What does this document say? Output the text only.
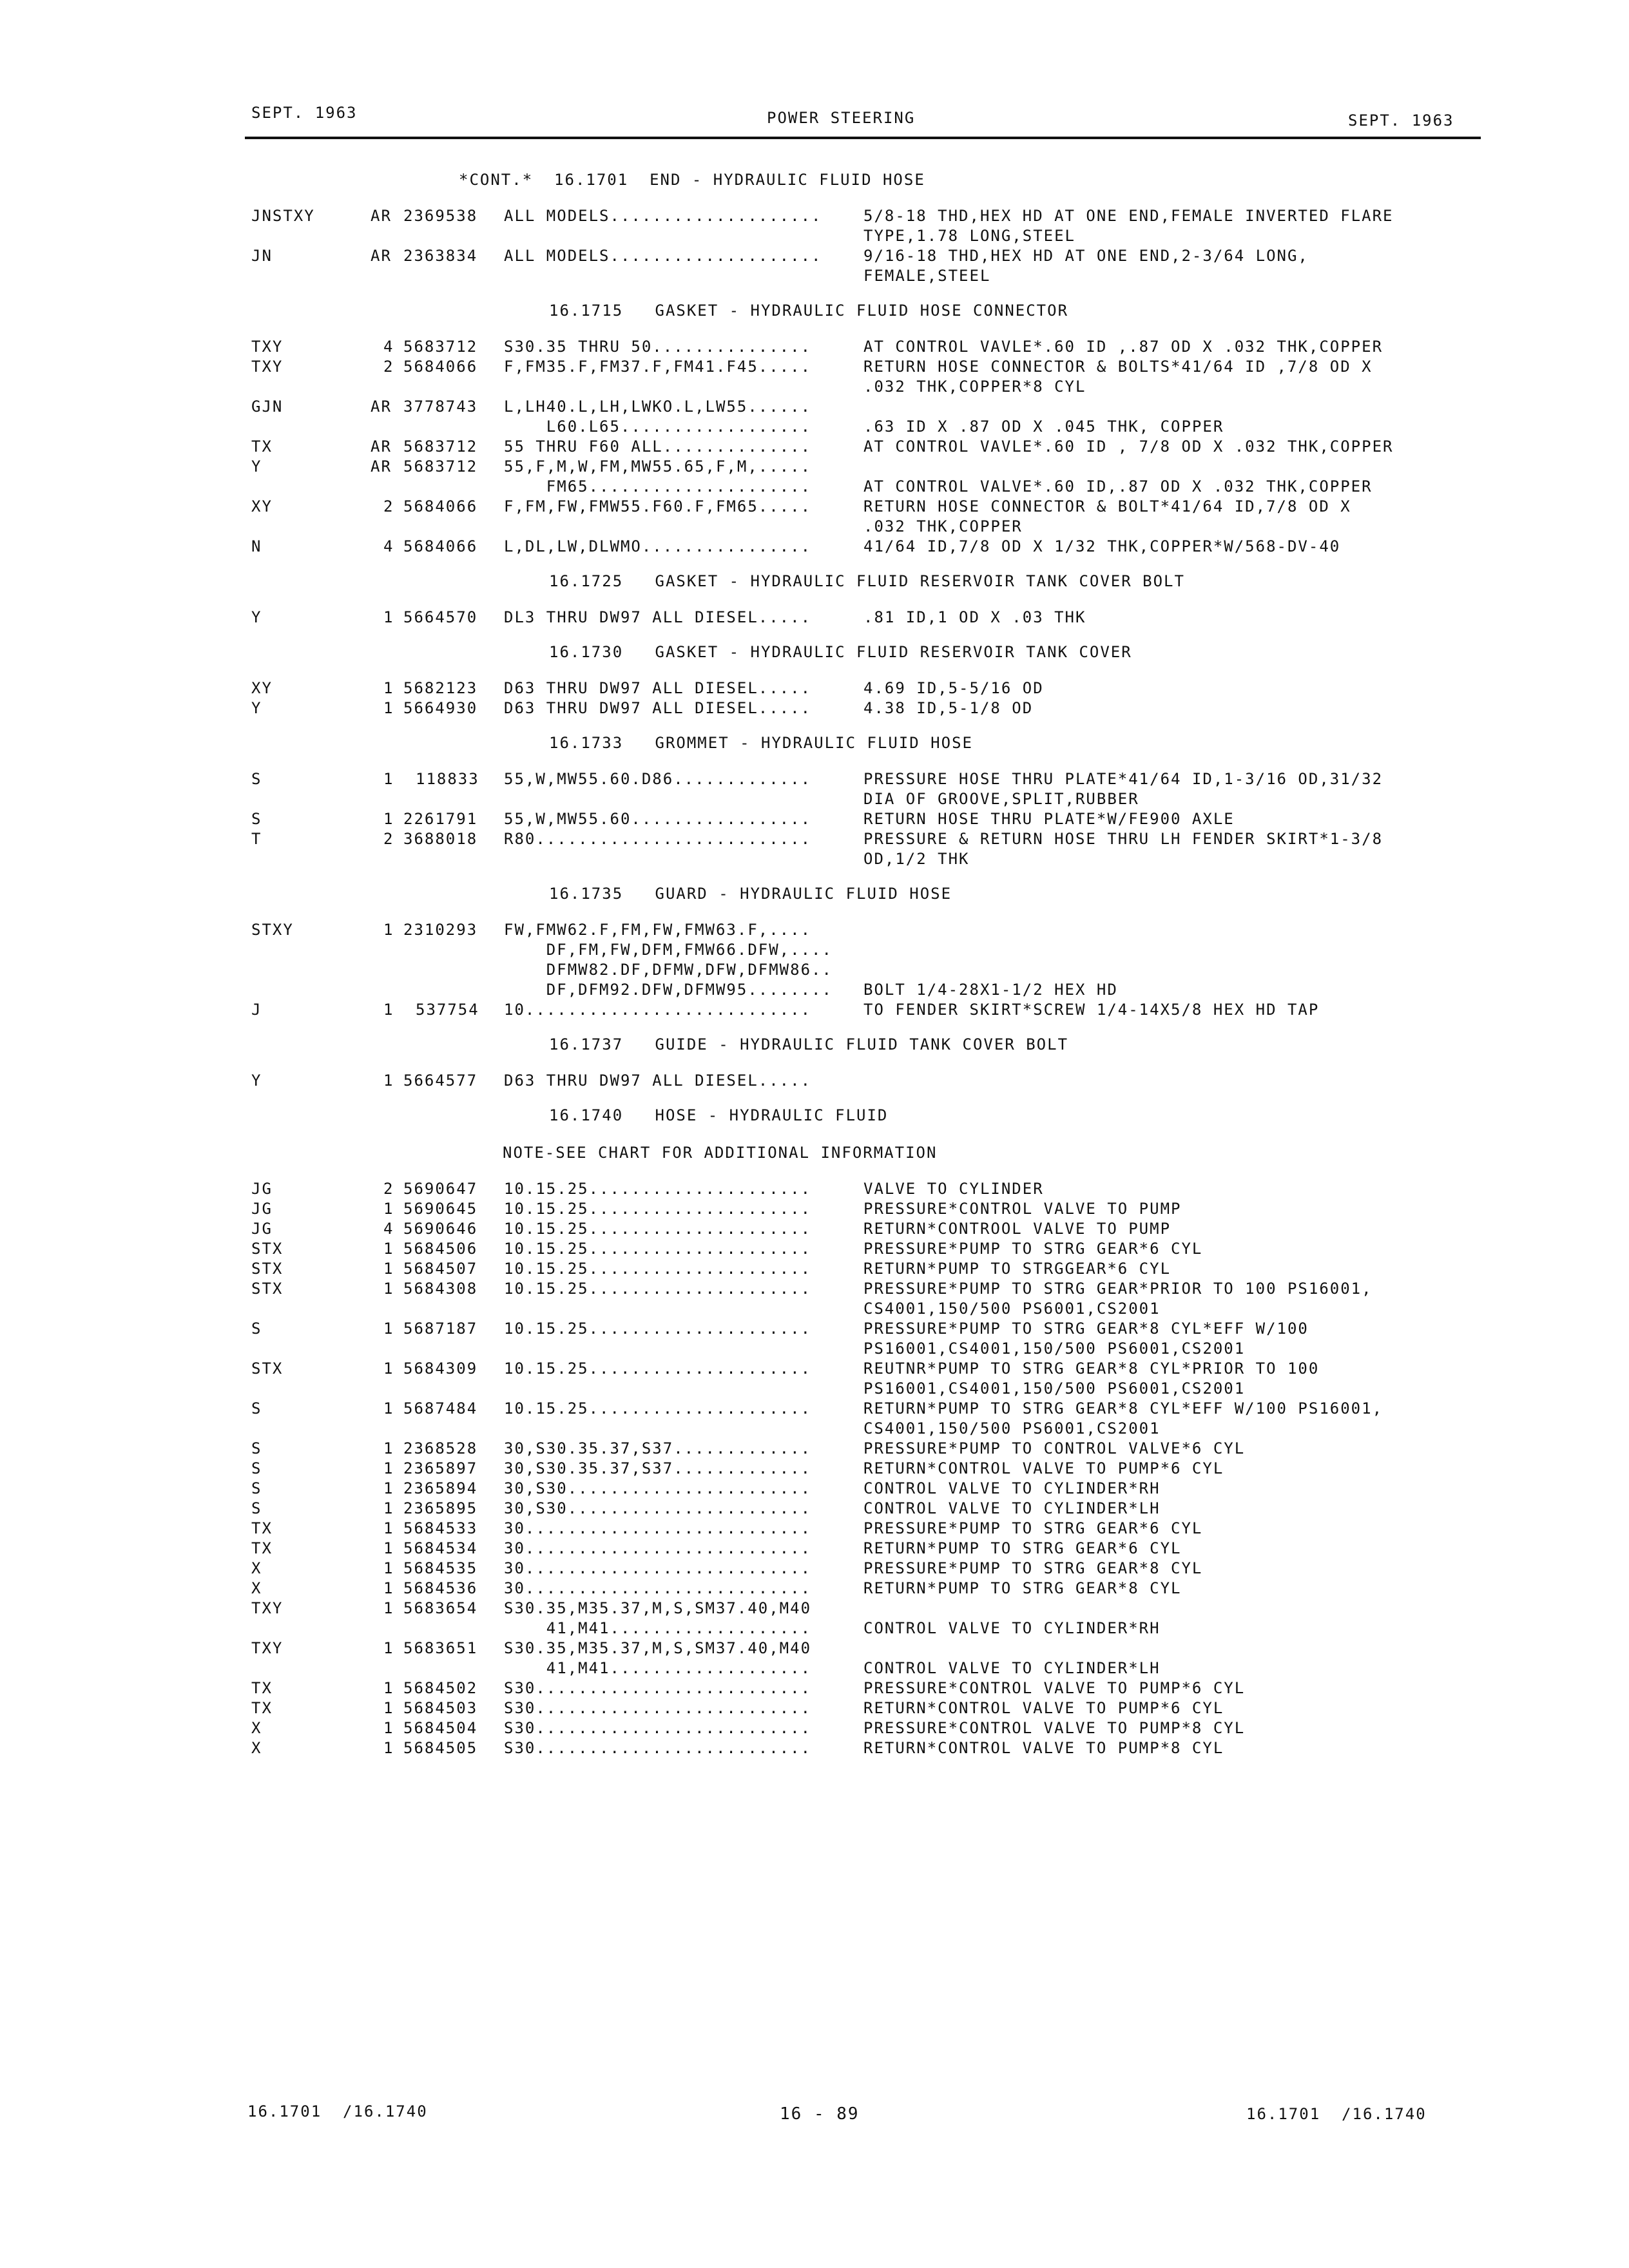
SEPT. 1963	POWER STEERING	SEPT. 1963
*CONT.*  16.1701  END - HYDRAULIC FLUID HOSE
JNSTXY	AR 2369538 ALL MODELS....................	5/8-18 THD,HEX HD AT ONE END,FEMALE INVERTED FLARE
TYPE,1.78 LONG,STEEL
JN	AR 2363834 ALL MODELS....................	9/16-18 THD,HEX HD AT ONE END,2-3/64 LONG,
FEMALE,STEEL
16.1715   GASKET - HYDRAULIC FLUID HOSE CONNECTOR
TXY	4 5683712 S30.35 THRU 50...............	AT CONTROL VAVLE*.60 ID ,.87 OD X .032 THK,COPPER
TXY	2 5684066 F,FM35.F,FM37.F,FM41.F45.....	RETURN HOSE CONNECTOR & BOLTS*41/64 ID ,7/8 OD X
.032 THK,COPPER*8 CYL
GJN	AR 3778743 L,LH40.L,LH,LWKO.L,LW55......
L60.L65..................	.63 ID X .87 OD X .045 THK, COPPER
TX	AR 5683712 55 THRU F60 ALL..............	AT CONTROL VAVLE*.60 ID , 7/8 OD X .032 THK,COPPER
Y	AR 5683712 55,F,M,W,FM,MW55.65,F,M,.....
FM65.....................	AT CONTROL VALVE*.60 ID,.87 OD X .032 THK,COPPER
XY	2 5684066 F,FM,FW,FMW55.F60.F,FM65.....	RETURN HOSE CONNECTOR & BOLT*41/64 ID,7/8 OD X
.032 THK,COPPER
N	4 5684066 L,DL,LW,DLWMO................	41/64 ID,7/8 OD X 1/32 THK,COPPER*W/568-DV-40
16.1725   GASKET - HYDRAULIC FLUID RESERVOIR TANK COVER BOLT
Y	1 5664570 DL3 THRU DW97 ALL DIESEL.....	.81 ID,1 OD X .03 THK
16.1730   GASKET - HYDRAULIC FLUID RESERVOIR TANK COVER
XY	1 5682123 D63 THRU DW97 ALL DIESEL.....	4.69 ID,5-5/16 OD
Y	1 5664930 D63 THRU DW97 ALL DIESEL.....	4.38 ID,5-1/8 OD
16.1733   GROMMET - HYDRAULIC FLUID HOSE
S	1 118833 55,W,MW55.60.D86.............	PRESSURE HOSE THRU PLATE*41/64 ID,1-3/16 OD,31/32
DIA OF GROOVE,SPLIT,RUBBER
S	1 2261791 55,W,MW55.60.................	RETURN HOSE THRU PLATE*W/FE900 AXLE
T	2 3688018 R80..........................	PRESSURE & RETURN HOSE THRU LH FENDER SKIRT*1-3/8
OD,1/2 THK
16.1735   GUARD - HYDRAULIC FLUID HOSE
STXY	1 2310293 FW,FMW62.F,FM,FW,FMW63.F,....
DF,FM,FW,DFM,FMW66.DFW,....
DFMW82.DF,DFMW,DFW,DFMW86..
DF,DFM92.DFW,DFMW95........ BOLT 1/4-28X1-1/2 HEX HD
J	1 537754 10...........................	TO FENDER SKIRT*SCREW 1/4-14X5/8 HEX HD TAP
16.1737   GUIDE - HYDRAULIC FLUID TANK COVER BOLT
Y	1 5664577 D63 THRU DW97 ALL DIESEL.....
16.1740   HOSE - HYDRAULIC FLUID
NOTE-SEE CHART FOR ADDITIONAL INFORMATION
JG	2 5690647 10.15.25.....................	VALVE TO CYLINDER
JG	1 5690645 10.15.25.....................	PRESSURE*CONTROL VALVE TO PUMP
JG	4 5690646 10.15.25.....................	RETURN*CONTROOL VALVE TO PUMP
STX	1 5684506 10.15.25.....................	PRESSURE*PUMP TO STRG GEAR*6 CYL
STX	1 5684507 10.15.25.....................	RETURN*PUMP TO STRGGEAR*6 CYL
STX	1 5684308 10.15.25.....................	PRESSURE*PUMP TO STRG GEAR*PRIOR TO 100 PS16001,
CS4001,150/500 PS6001,CS2001
S	1 5687187 10.15.25.....................	PRESSURE*PUMP TO STRG GEAR*8 CYL*EFF W/100
PS16001,CS4001,150/500 PS6001,CS2001
STX	1 5684309 10.15.25.....................	REUTNR*PUMP TO STRG GEAR*8 CYL*PRIOR TO 100
PS16001,CS4001,150/500 PS6001,CS2001
S	1 5687484 10.15.25.....................	RETURN*PUMP TO STRG GEAR*8 CYL*EFF W/100 PS16001,
CS4001,150/500 PS6001,CS2001
S	1 2368528 30,S30.35.37,S37.............	PRESSURE*PUMP TO CONTROL VALVE*6 CYL
S	1 2365897 30,S30.35.37,S37.............	RETURN*CONTROL VALVE TO PUMP*6 CYL
S	1 2365894 30,S30.......................	CONTROL VALVE TO CYLINDER*RH
S	1 2365895 30,S30.......................	CONTROL VALVE TO CYLINDER*LH
TX	1 5684533 30...........................	PRESSURE*PUMP TO STRG GEAR*6 CYL
TX	1 5684534 30...........................	RETURN*PUMP TO STRG GEAR*6 CYL
X	1 5684535 30...........................	PRESSURE*PUMP TO STRG GEAR*8 CYL
X	1 5684536 30...........................	RETURN*PUMP TO STRG GEAR*8 CYL
TXY	1 5683654 S30.35,M35.37,M,S,SM37.40,M40
41,M41...................	CONTROL VALVE TO CYLINDER*RH
TXY	1 5683651 S30.35,M35.37,M,S,SM37.40,M40
41,M41...................	CONTROL VALVE TO CYLINDER*LH
TX	1 5684502 S30..........................	PRESSURE*CONTROL VALVE TO PUMP*6 CYL
TX	1 5684503 S30..........................	RETURN*CONTROL VALVE TO PUMP*6 CYL
X	1 5684504 S30..........................	PRESSURE*CONTROL VALVE TO PUMP*8 CYL
X	1 5684505 S30..........................	RETURN*CONTROL VALVE TO PUMP*8 CYL
16.1701  /16.1740	16 - 89	16.1701  /16.1740
